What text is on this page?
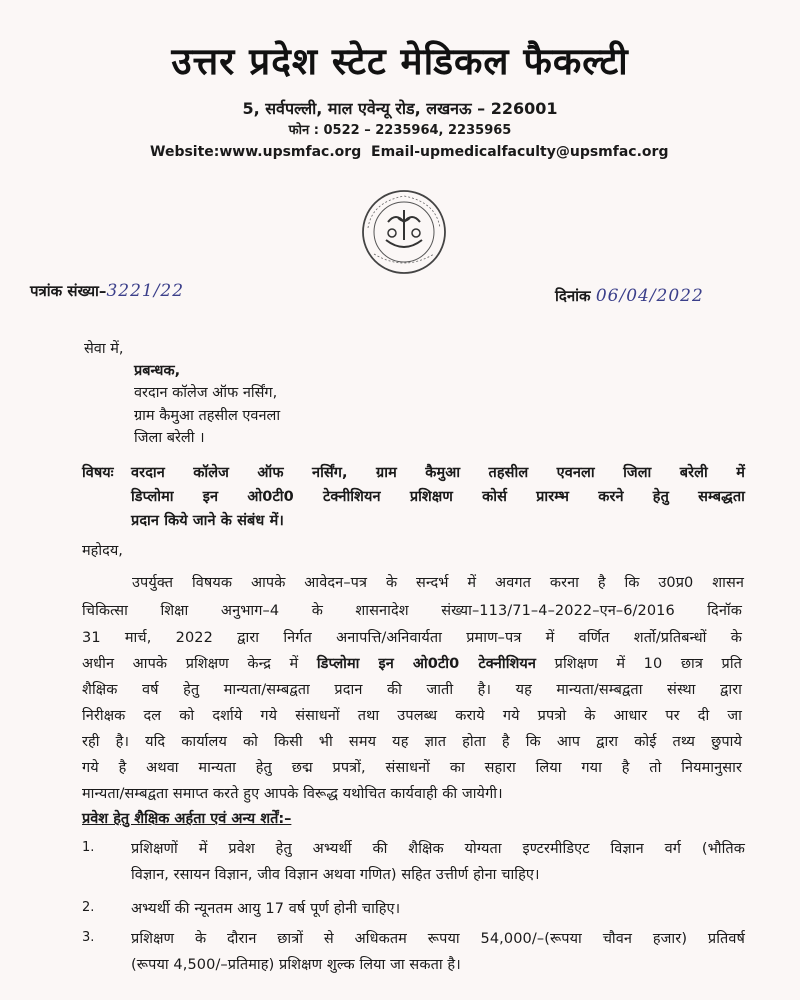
उत्तर प्रदेश स्टेट मेडिकल फैकल्टी
5, सर्वपल्ली, माल एवेन्यू रोड, लखनऊ – 226001
फोन : 0522 – 2235964, 2235965
Website:www.upsmfac.org Email-upmedicalfaculty@upsmfac.org
पत्रांक संख्या–3221/22	दिनांक 06/04/2022
सेवा में,
प्रबन्धक,
वरदान कॉलेज ऑफ नर्सिंग,
ग्राम कैमुआ तहसील एवनला
जिला बरेली ।
विषयः वरदान कॉलेज ऑफ नर्सिंग, ग्राम कैमुआ तहसील एवनला जिला बरेली में
डिप्लोमा इन ओ0टी0 टेक्नीशियन प्रशिक्षण कोर्स प्रारम्भ करने हेतु सम्बद्धता
प्रदान किये जाने के संबंध में।
महोदय,
उपर्युक्त विषयक आपके आवेदन–पत्र के सन्दर्भ में अवगत करना है कि उ0प्र0 शासन
चिकित्सा शिक्षा अनुभाग–4 के शासनादेश संख्या–113/71–4–2022–एन–6/2016 दिनॉक
31 मार्च, 2022 द्वारा निर्गत अनापत्ति/अनिवार्यता प्रमाण–पत्र में वर्णित शर्तो/प्रतिबन्धों के
अधीन आपके प्रशिक्षण केन्द्र में डिप्लोमा इन ओ0टी0 टेक्नीशियन प्रशिक्षण में 10 छात्र प्रति
शैक्षिक वर्ष हेतु मान्यता/सम्बद्वता प्रदान की जाती है। यह मान्यता/सम्बद्वता संस्था द्वारा
निरीक्षक दल को दर्शाये गये संसाधनों तथा उपलब्ध कराये गये प्रपत्रो के आधार पर दी जा
रही है। यदि कार्यालय को किसी भी समय यह ज्ञात होता है कि आप द्वारा कोई तथ्य छुपाये
गये है अथवा मान्यता हेतु छद्म प्रपत्रों, संसाधनों का सहारा लिया गया है तो नियमानुसार
मान्यता/सम्बद्वता समाप्त करते हुए आपके विरूद्ध यथोचित कार्यवाही की जायेगी।
प्रवेश हेतु शैक्षिक अर्हता एवं अन्य शर्तें:–
1.	प्रशिक्षणों में प्रवेश हेतु अभ्यर्थी की शैक्षिक योग्यता इण्टरमीडिएट विज्ञान वर्ग (भौतिक
विज्ञान, रसायन विज्ञान, जीव विज्ञान अथवा गणित) सहित उत्तीर्ण होना चाहिए।
2.	अभ्यर्थी की न्यूनतम आयु 17 वर्ष पूर्ण होनी चाहिए।
3.	प्रशिक्षण के दौरान छात्रों से अधिकतम रूपया 54,000/–(रूपया चौवन हजार) प्रतिवर्ष
(रूपया 4,500/–प्रतिमाह) प्रशिक्षण शुल्क लिया जा सकता है।
